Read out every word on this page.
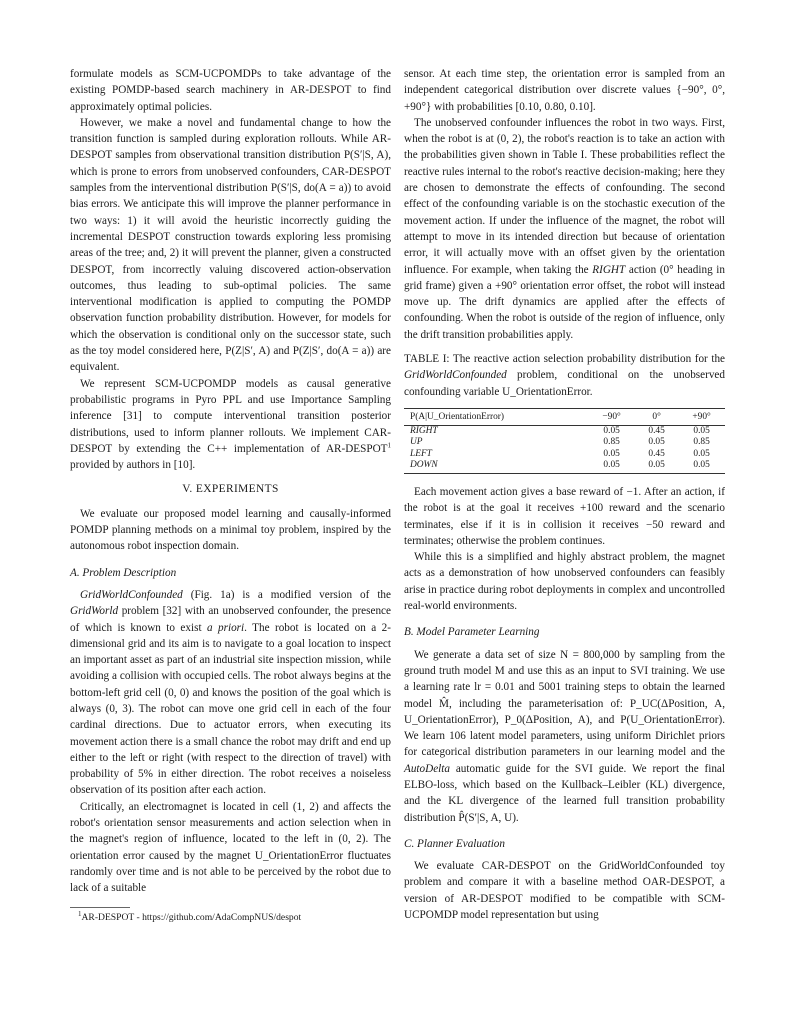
formulate models as SCM-UCPOMDPs to take advantage of the existing POMDP-based search machinery in AR-DESPOT to find approximately optimal policies.

However, we make a novel and fundamental change to how the transition function is sampled during exploration rollouts. While AR-DESPOT samples from observational transition distribution P(S′|S, A), which is prone to errors from unobserved confounders, CAR-DESPOT samples from the interventional distribution P(S′|S, do(A = a)) to avoid bias errors. We anticipate this will improve the planner performance in two ways: 1) it will avoid the heuristic incorrectly guiding the incremental DESPOT construction towards exploring less promising areas of the tree; and, 2) it will prevent the planner, given a constructed DESPOT, from incorrectly valuing discovered action-observation outcomes, thus leading to sub-optimal policies. The same interventional modification is applied to computing the POMDP observation function probability distribution. However, for models for which the observation is conditional only on the successor state, such as the toy model considered here, P(Z|S′, A) and P(Z|S′, do(A = a)) are equivalent.

We represent SCM-UCPOMDP models as causal generative probabilistic programs in Pyro PPL and use Importance Sampling inference [31] to compute interventional transition posterior distributions, used to inform planner rollouts. We implement CAR-DESPOT by extending the C++ implementation of AR-DESPOT$^1$ provided by authors in [10].

V. EXPERIMENTS

We evaluate our proposed model learning and causally-informed POMDP planning methods on a minimal toy problem, inspired by the autonomous robot inspection domain.

A. Problem Description

GridWorldConfounded (Fig. 1a) is a modified version of the GridWorld problem [32] with an unobserved confounder, the presence of which is known to exist a priori. The robot is located on a 2-dimensional grid and its aim is to navigate to a goal location to inspect an important asset as part of an industrial site inspection mission, while avoiding a collision with occupied cells. The robot always begins at the bottom-left grid cell (0, 0) and knows the position of the goal which is always (0, 3). The robot can move one grid cell in each of the four cardinal directions. Due to actuator errors, when executing its movement action there is a small chance the robot may drift and end up either to the left or right (with respect to the direction of travel) with probability of 5% in either direction. The robot receives a noiseless observation of its position after each action.

Critically, an electromagnet is located in cell (1, 2) and affects the robot's orientation sensor measurements and action selection when in the magnet's region of influence, located to the left in (0, 2). The orientation error caused by the magnet U_OrientationError fluctuates randomly over time and is not able to be perceived by the robot due to lack of a suitable

$^1$AR-DESPOT - https://github.com/AdaCompNUS/despot

sensor. At each time step, the orientation error is sampled from an independent categorical distribution over discrete values {−90°, 0°, +90°} with probabilities [0.10, 0.80, 0.10].

The unobserved confounder influences the robot in two ways. First, when the robot is at (0, 2), the robot's reaction is to take an action with the probabilities given shown in Table I. These probabilities reflect the reactive rules internal to the robot's reactive decision-making; here they are chosen to demonstrate the effects of confounding. The second effect of the confounding variable is on the stochastic execution of the movement action. If under the influence of the magnet, the robot will attempt to move in its intended direction but because of orientation error, it will actually move with an offset given by the orientation influence. For example, when taking the RIGHT action (0° heading in grid frame) given a +90° orientation error offset, the robot will instead move up. The drift dynamics are applied after the effects of confounding. When the robot is outside of the region of influence, only the drift transition probabilities apply.

TABLE I: The reactive action selection probability distribution for the GridWorldConfounded problem, conditional on the unobserved confounding variable U_OrientationError.

P(A|U_OrientationError)	−90°	0°	+90°
RIGHT	0.05	0.45	0.05
UP	0.85	0.05	0.85
LEFT	0.05	0.45	0.05
DOWN	0.05	0.05	0.05

Each movement action gives a base reward of −1. After an action, if the robot is at the goal it receives +100 reward and the scenario terminates, else if it is in collision it receives −50 reward and terminates; otherwise the problem continues.

While this is a simplified and highly abstract problem, the magnet acts as a demonstration of how unobserved confounders can feasibly arise in practice during robot deployments in complex and uncontrolled real-world environments.

B. Model Parameter Learning

We generate a data set of size N = 800,000 by sampling from the ground truth model M and use this as an input to SVI training. We use a learning rate lr = 0.01 and 5001 training steps to obtain the learned model M̂, including the parameterisation of: P_UC(ΔPosition, A, U_OrientationError), P_0(ΔPosition, A), and P(U_OrientationError). We learn 106 latent model parameters, using uniform Dirichlet priors for categorical distribution parameters in our learning model and the AutoDelta automatic guide for the SVI guide. We report the final ELBO-loss, which based on the Kullback–Leibler (KL) divergence, and the KL divergence of the learned full transition probability distribution P̂(S′|S, A, U).

C. Planner Evaluation

We evaluate CAR-DESPOT on the GridWorldConfounded toy problem and compare it with a baseline method OAR-DESPOT, a version of AR-DESPOT modified to be compatible with SCM-UCPOMDP model representation but using
